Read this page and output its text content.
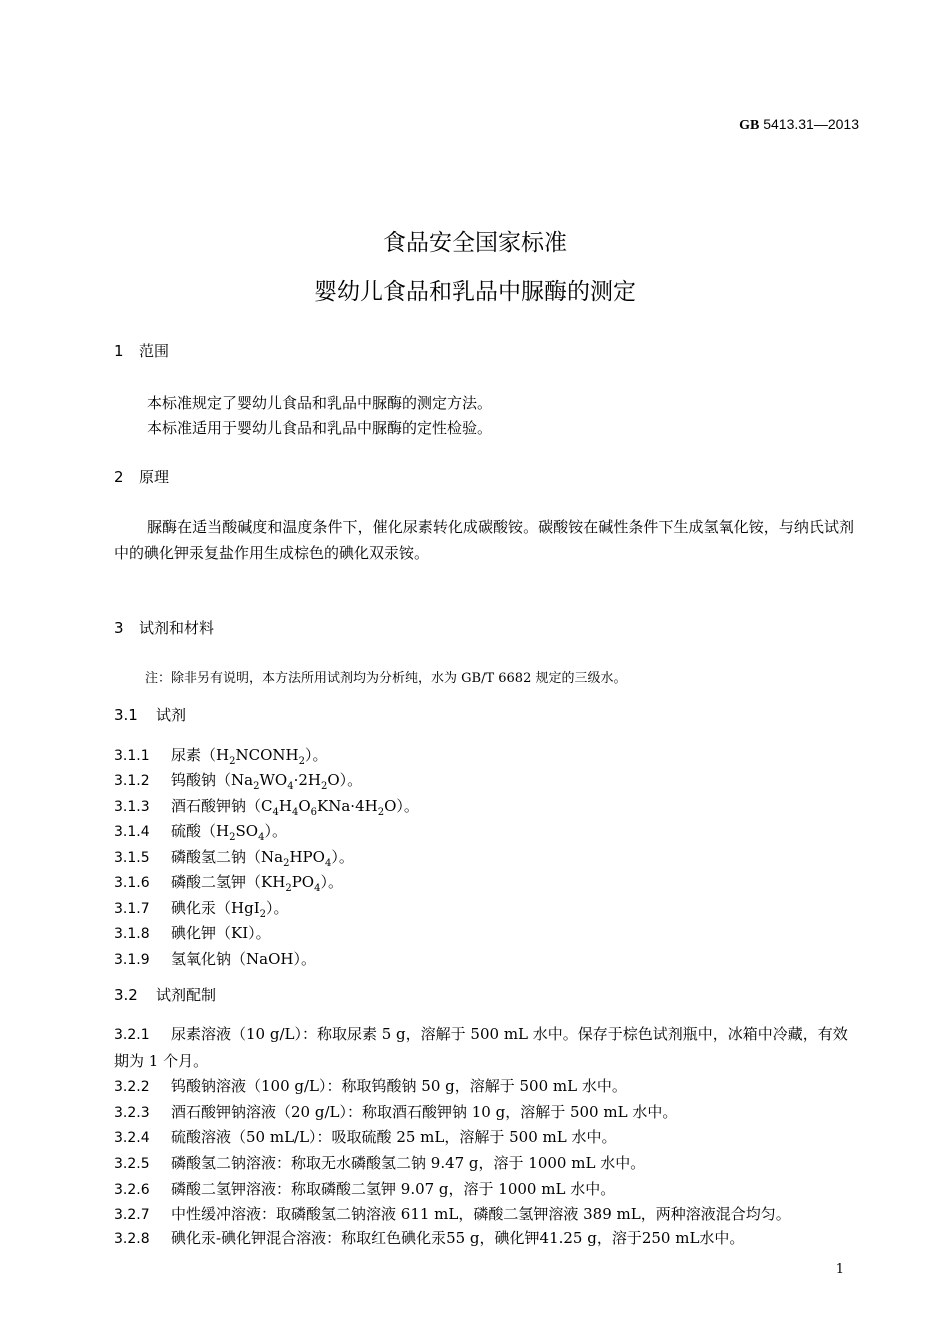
GB 5413.31—2013
食品安全国家标准
婴幼儿食品和乳品中脲酶的测定
1 范围
本标准规定了婴幼儿食品和乳品中脲酶的测定方法。
本标准适用于婴幼儿食品和乳品中脲酶的定性检验。
2 原理
脲酶在适当酸碱度和温度条件下，催化尿素转化成碳酸铵。碳酸铵在碱性条件下生成氢氧化铵，与纳氏试剂中的碘化钾汞复盐作用生成棕色的碘化双汞铵。
3 试剂和材料
注：除非另有说明，本方法所用试剂均为分析纯，水为 GB/T 6682 规定的三级水。
3.1 试剂
3.1.1 尿素$(H_2NCONH_2)$。
3.1.2 钨酸钠$(Na_2WO_4\cdot 2H_2O)$。
3.1.3 酒石酸钾钠$(C_4H_4O_6KNa\cdot 4H_2O)$。
3.1.4 硫酸$(H_2SO_4)$。
3.1.5 磷酸氢二钠$(Na_2HPO_4)$。
3.1.6 磷酸二氢钾$(KH_2PO_4)$。
3.1.7 碘化汞（HgI$_2$）。
3.1.8 碘化钾（KI）。
3.1.9 氢氧化钠（NaOH）。
3.2 试剂配制
3.2.1 尿素溶液（10 g/L）：称取尿素 5 g，溶解于 500 mL 水中。保存于棕色试剂瓶中，冰箱中冷藏，有效期为 1 个月。
3.2.2 钨酸钠溶液（100 g/L）：称取钨酸钠 50 g，溶解于 500 mL 水中。
3.2.3 酒石酸钾钠溶液（20 g/L）：称取酒石酸钾钠 10 g，溶解于 500 mL 水中。
3.2.4 硫酸溶液（50 mL/L）：吸取硫酸 25 mL，溶解于 500 mL 水中。
3.2.5 磷酸氢二钠溶液：称取无水磷酸氢二钠 9.47 g，溶于 1000 mL 水中。
3.2.6 磷酸二氢钾溶液：称取磷酸二氢钾 9.07 g，溶于 1000 mL 水中。
3.2.7 中性缓冲溶液：取磷酸氢二钠溶液 611 mL，磷酸二氢钾溶液 389 mL，两种溶液混合均匀。
3.2.8 碘化汞-碘化钾混合溶液：称取红色碘化汞55 g，碘化钾41.25 g，溶于250 mL水中。
1
